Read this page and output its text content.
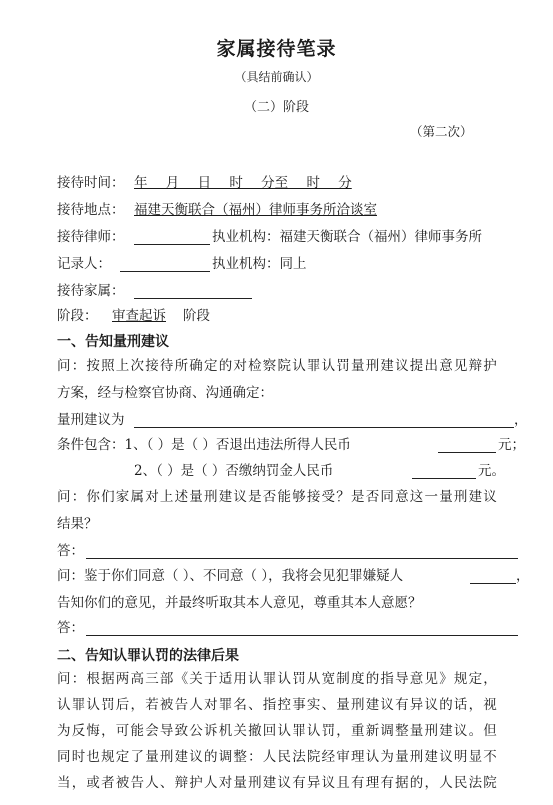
家属接待笔录
（具结前确认）
（二）阶段
（第二次）
接待时间： 年 月 日 时 分至 时 分
接待地点： 福建天衡联合（福州）律师事务所洽谈室
接待律师：	执业机构：福建天衡联合（福州）律师事务所
记录人：	执业机构：同上
接待家属：
阶段： 审查起诉 阶段
一、告知量刑建议
问：按照上次接待所确定的对检察院认罪认罚量刑建议提出意见辩护
方案，经与检察官协商、沟通确定：
量刑建议为	，
条件包含：1、（ ）是（ ）否退出违法所得人民币	元；
2、（ ）是（ ）否缴纳罚金人民币	元。
问：你们家属对上述量刑建议是否能够接受？是否同意这一量刑建议
结果？
答：
问：鉴于你们同意（ ）、不同意（ ），我将会见犯罪嫌疑人	，
告知你们的意见，并最终听取其本人意见，尊重其本人意愿？
答：
二、告知认罪认罚的法律后果
问：根据两高三部《关于适用认罪认罚从宽制度的指导意见》规定，
认罪认罚后，若被告人对罪名、指控事实、量刑建议有异议的话，视
为反悔，可能会导致公诉机关撤回认罪认罚，重新调整量刑建议。但
同时也规定了量刑建议的调整：人民法院经审理认为量刑建议明显不
当，或者被告人、辩护人对量刑建议有异议且有理有据的，人民法院
